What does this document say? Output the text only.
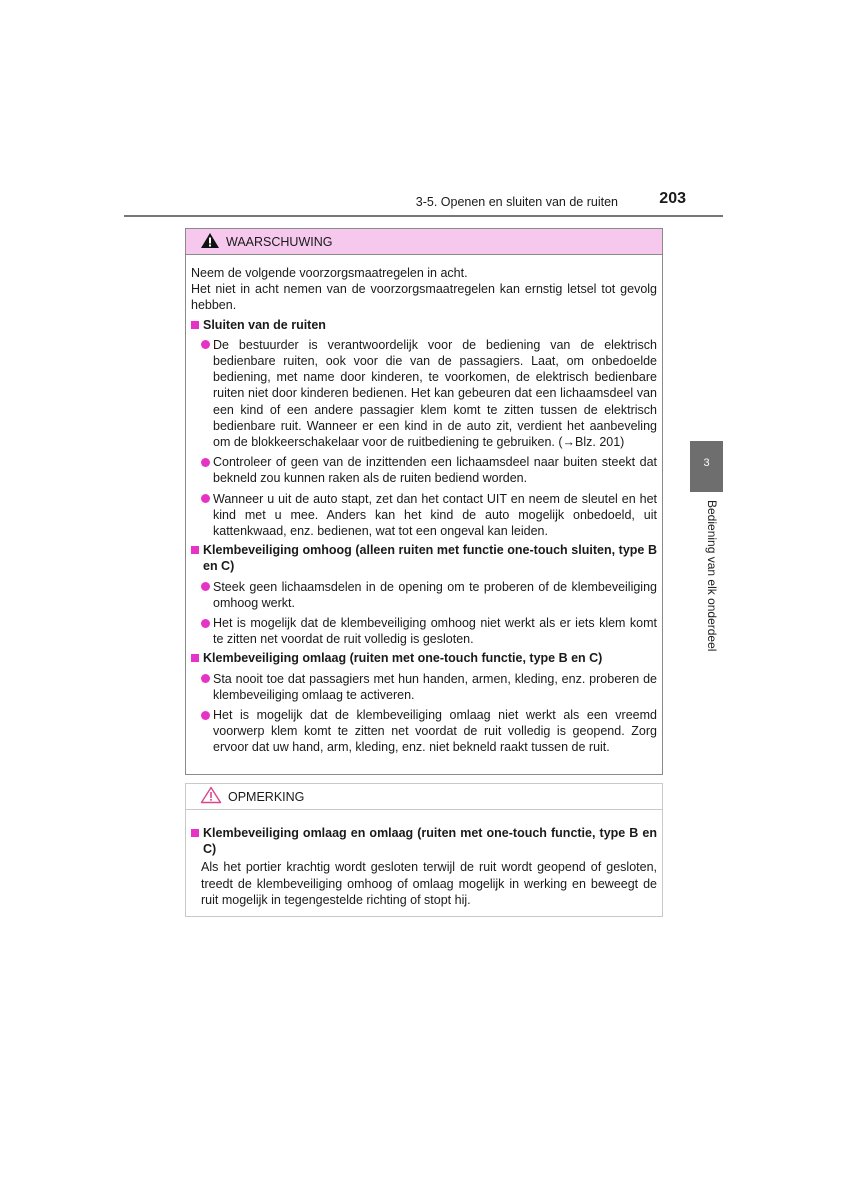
3-5. Openen en sluiten van de ruiten	203
3
Bediening van elk onderdeel
WAARSCHUWING

Neem de volgende voorzorgsmaatregelen in acht.

Het niet in acht nemen van de voorzorgsmaatregelen kan ernstig letsel tot gevolg hebben.

Sluiten van de ruiten
De bestuurder is verantwoordelijk voor de bediening van de elektrisch bedienbare ruiten, ook voor die van de passagiers. Laat, om onbedoelde bediening, met name door kinderen, te voorkomen, de elektrisch bedienbare ruiten niet door kinderen bedienen. Het kan gebeuren dat een lichaamsdeel van een kind of een andere passagier klem komt te zitten tussen de elektrisch bedienbare ruit. Wanneer er een kind in de auto zit, verdient het aanbeveling om de blokkeerschakelaar voor de ruitbediening te gebruiken. (→Blz. 201)
Controleer of geen van de inzittenden een lichaamsdeel naar buiten steekt dat bekneld zou kunnen raken als de ruiten bediend worden.
Wanneer u uit de auto stapt, zet dan het contact UIT en neem de sleutel en het kind met u mee. Anders kan het kind de auto mogelijk onbedoeld, uit kattenkwaad, enz. bedienen, wat tot een ongeval kan leiden.
Klembeveiliging omhoog (alleen ruiten met functie one-touch sluiten, type B en C)
Steek geen lichaamsdelen in de opening om te proberen of de klembeveiliging omhoog werkt.
Het is mogelijk dat de klembeveiliging omhoog niet werkt als er iets klem komt te zitten net voordat de ruit volledig is gesloten.
Klembeveiliging omlaag (ruiten met one-touch functie, type B en C)
Sta nooit toe dat passagiers met hun handen, armen, kleding, enz. proberen de klembeveiliging omlaag te activeren.
Het is mogelijk dat de klembeveiliging omlaag niet werkt als een vreemd voorwerp klem komt te zitten net voordat de ruit volledig is geopend. Zorg ervoor dat uw hand, arm, kleding, enz. niet bekneld raakt tussen de ruit.
OPMERKING
Klembeveiliging omlaag en omlaag (ruiten met one-touch functie, type B en C)

Als het portier krachtig wordt gesloten terwijl de ruit wordt geopend of gesloten, treedt de klembeveiliging omhoog of omlaag mogelijk in werking en beweegt de ruit mogelijk in tegengestelde richting of stopt hij.
